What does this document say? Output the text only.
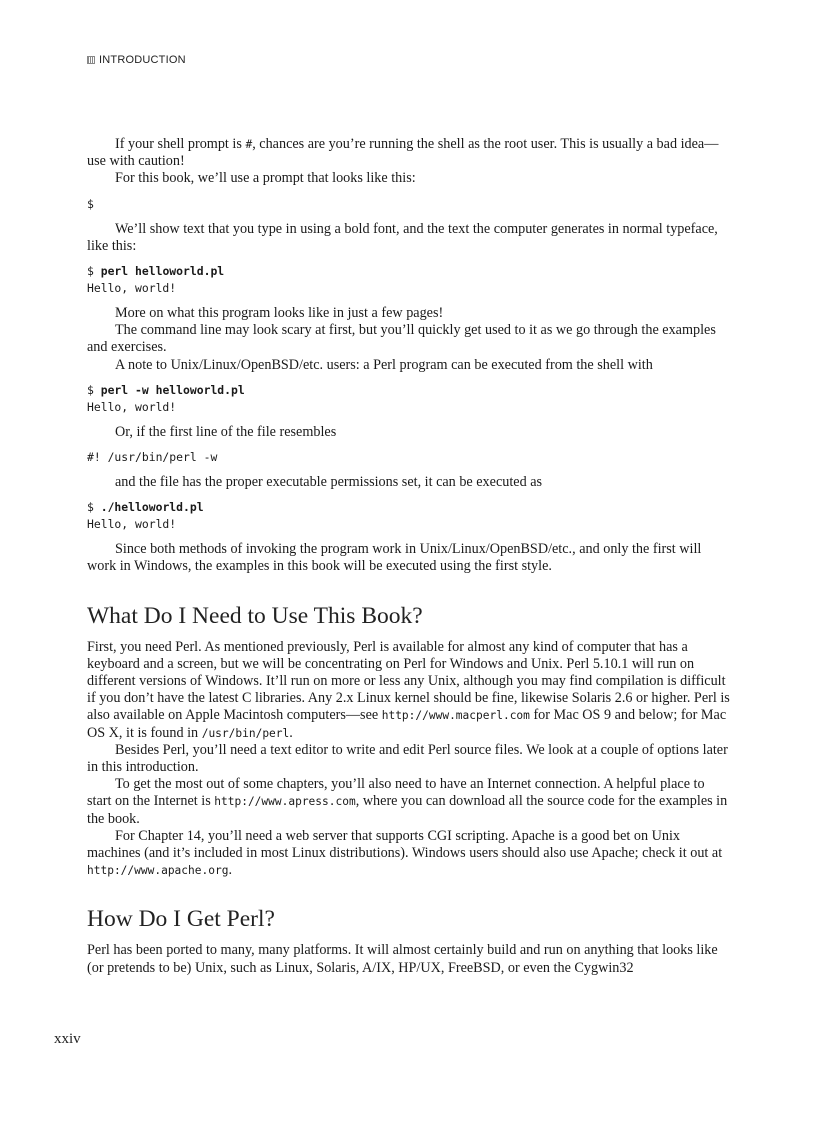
INTRODUCTION

If your shell prompt is #, chances are you’re running the shell as the root user. This is usually a bad idea—use with caution!

For this book, we’ll use a prompt that looks like this:

$

We’ll show text that you type in using a bold font, and the text the computer generates in normal typeface, like this:

$ perl helloworld.pl
Hello, world!

More on what this program looks like in just a few pages!

The command line may look scary at first, but you’ll quickly get used to it as we go through the examples and exercises.

A note to Unix/Linux/OpenBSD/etc. users: a Perl program can be executed from the shell with

$ perl -w helloworld.pl
Hello, world!

Or, if the first line of the file resembles

#! /usr/bin/perl -w

and the file has the proper executable permissions set, it can be executed as

$ ./helloworld.pl
Hello, world!

Since both methods of invoking the program work in Unix/Linux/OpenBSD/etc., and only the first will work in Windows, the examples in this book will be executed using the first style.

What Do I Need to Use This Book?

First, you need Perl. As mentioned previously, Perl is available for almost any kind of computer that has a keyboard and a screen, but we will be concentrating on Perl for Windows and Unix. Perl 5.10.1 will run on different versions of Windows. It’ll run on more or less any Unix, although you may find compilation is difficult if you don’t have the latest C libraries. Any 2.x Linux kernel should be fine, likewise Solaris 2.6 or higher. Perl is also available on Apple Macintosh computers—see http://www.macperl.com for Mac OS 9 and below; for Mac OS X, it is found in /usr/bin/perl.

Besides Perl, you’ll need a text editor to write and edit Perl source files. We look at a couple of options later in this introduction.

To get the most out of some chapters, you’ll also need to have an Internet connection. A helpful place to start on the Internet is http://www.apress.com, where you can download all the source code for the examples in the book.

For Chapter 14, you’ll need a web server that supports CGI scripting. Apache is a good bet on Unix machines (and it’s included in most Linux distributions). Windows users should also use Apache; check it out at http://www.apache.org.

How Do I Get Perl?

Perl has been ported to many, many platforms. It will almost certainly build and run on anything that looks like (or pretends to be) Unix, such as Linux, Solaris, A/IX, HP/UX, FreeBSD, or even the Cygwin32

xxiv
